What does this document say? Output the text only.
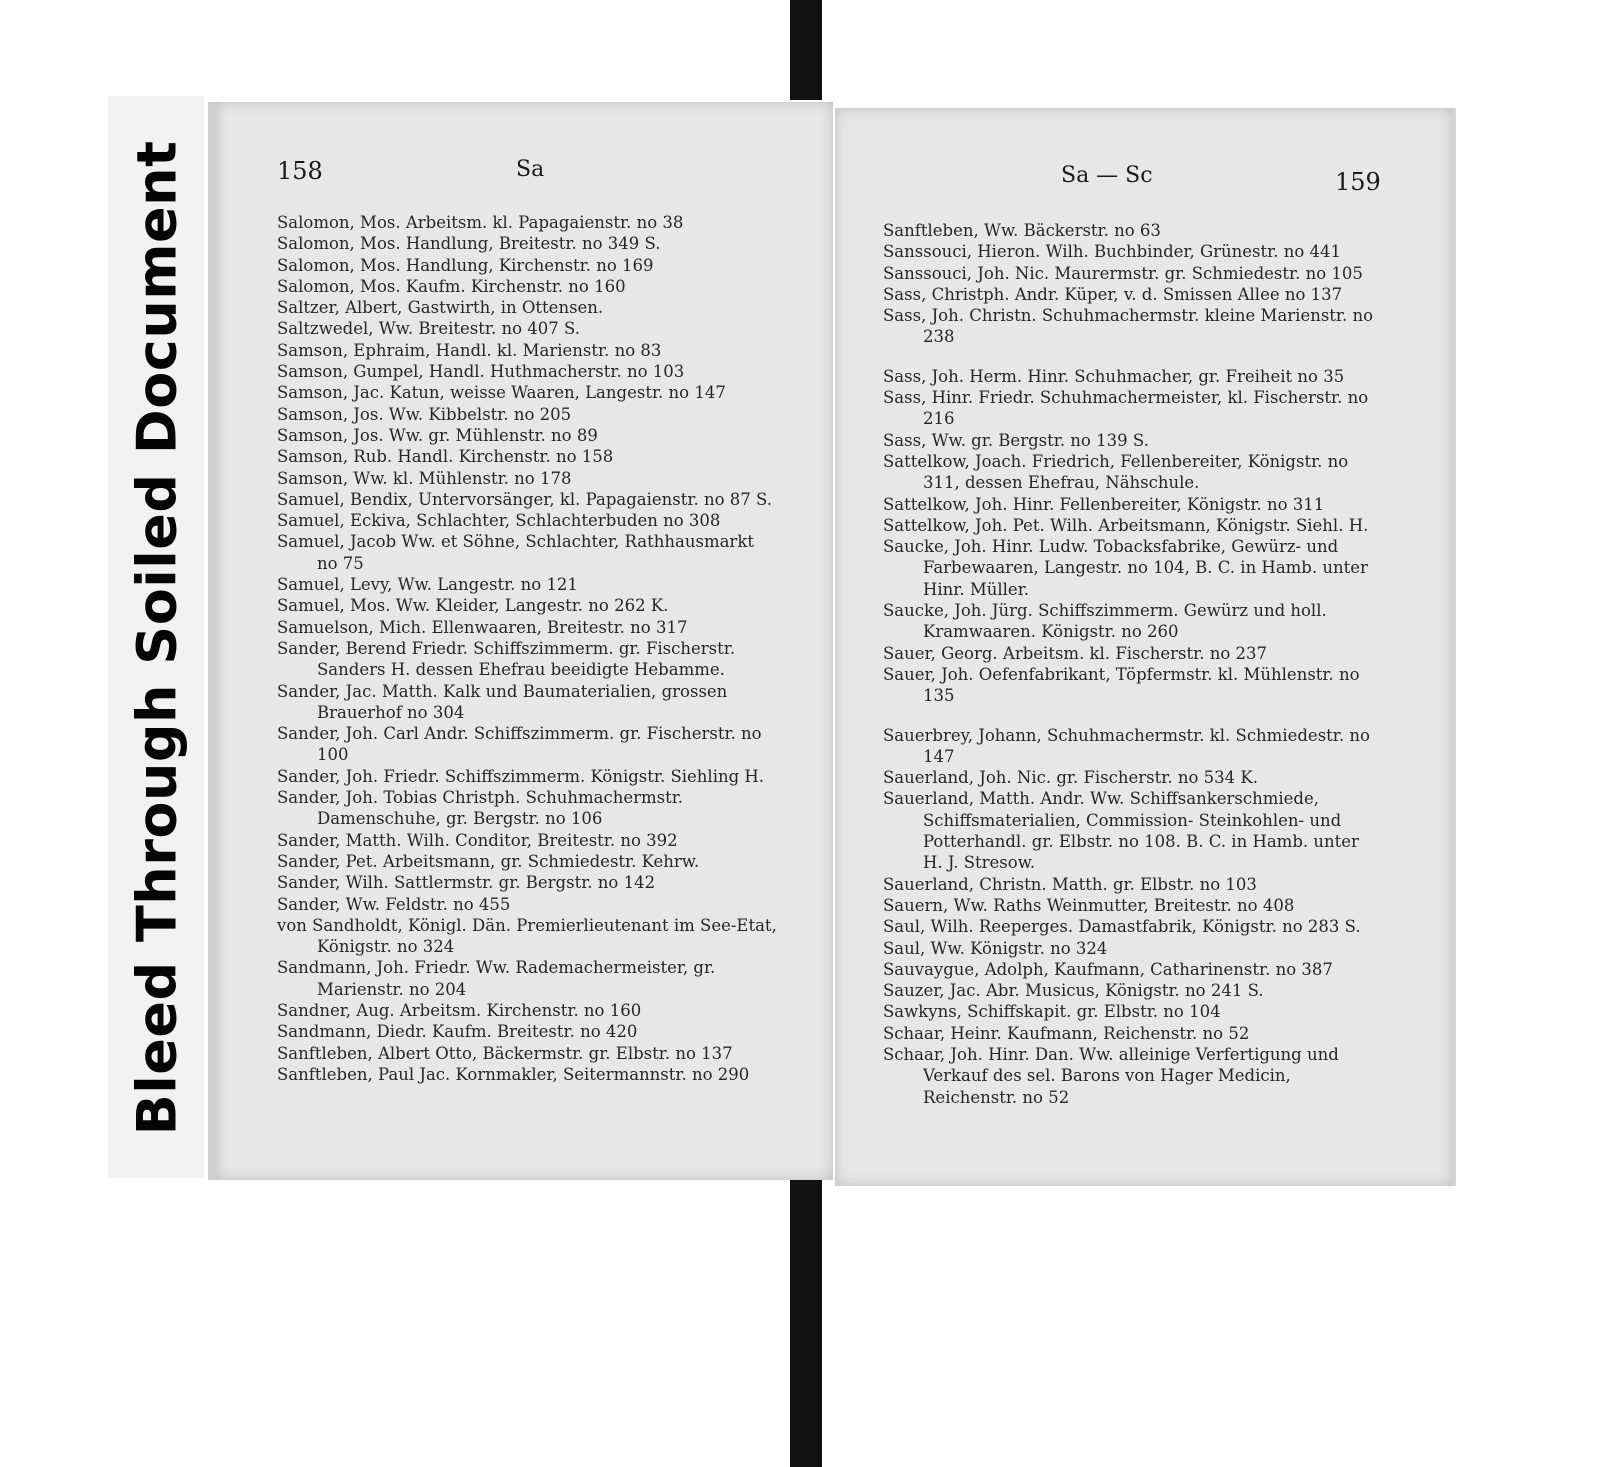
Bleed Through Soiled Document	158	Sa
Salomon, Mos. Arbeitsm. kl. Papagaienstr. no 38
Salomon, Mos. Handlung, Breitestr. no 349 S.
Salomon, Mos. Handlung, Kirchenstr. no 169
Salomon, Mos. Kaufm. Kirchenstr. no 160
Saltzer, Albert, Gastwirth, in Ottensen.
Saltzwedel, Ww. Breitestr. no 407 S.
Samson, Ephraim, Handl. kl. Marienstr. no 83
Samson, Gumpel, Handl. Huthmacherstr. no 103
Samson, Jac. Katun, weisse Waaren, Langestr. no 147
Samson, Jos. Ww. Kibbelstr. no 205
Samson, Jos. Ww. gr. Mühlenstr. no 89
Samson, Rub. Handl. Kirchenstr. no 158
Samson, Ww. kl. Mühlenstr. no 178
Samuel, Bendix, Untervorsänger, kl. Papagaienstr. no 87 S.
Samuel, Eckiva, Schlachter, Schlachterbuden no 308
Samuel, Jacob Ww. et Söhne, Schlachter, Rathhausmarkt no 75
Samuel, Levy, Ww. Langestr. no 121
Samuel, Mos. Ww. Kleider, Langestr. no 262 K.
Samuelson, Mich. Ellenwaaren, Breitestr. no 317
Sander, Berend Friedr. Schiffszimmerm. gr. Fischerstr. Sanders H. dessen Ehefrau beeidigte Hebamme.
Sander, Jac. Matth. Kalk und Baumaterialien, grossen Brauerhof no 304
Sander, Joh. Carl Andr. Schiffszimmerm. gr. Fischerstr. no 100
Sander, Joh. Friedr. Schiffszimmerm. Königstr. Siehling H.
Sander, Joh. Tobias Christph. Schuhmachermstr. Damenschuhe, gr. Bergstr. no 106
Sander, Matth. Wilh. Conditor, Breitestr. no 392
Sander, Pet. Arbeitsmann, gr. Schmiedestr. Kehrw.
Sander, Wilh. Sattlermstr. gr. Bergstr. no 142
Sander, Ww. Feldstr. no 455
von Sandholdt, Königl. Dän. Premierlieutenant im See-Etat, Königstr. no 324
Sandmann, Joh. Friedr. Ww. Rademachermeister, gr. Marienstr. no 204
Sandner, Aug. Arbeitsm. Kirchenstr. no 160
Sandmann, Diedr. Kaufm. Breitestr. no 420
Sanftleben, Albert Otto, Bäckermstr. gr. Elbstr. no 137
Sanftleben, Paul Jac. Kornmakler, Seitermannstr. no 290
Sa — Sc	159
Sanftleben, Ww. Bäckerstr. no 63
Sanssouci, Hieron. Wilh. Buchbinder, Grünestr. no 441
Sanssouci, Joh. Nic. Maurermstr. gr. Schmiedestr. no 105
Sass, Christph. Andr. Küper, v. d. Smissen Allee no 137
Sass, Joh. Christn. Schuhmachermstr. kleine Marienstr. no 238
Sass, Joh. Herm. Hinr. Schuhmacher, gr. Freiheit no 35
Sass, Hinr. Friedr. Schuhmachermeister, kl. Fischerstr. no 216
Sass, Ww. gr. Bergstr. no 139 S.
Sattelkow, Joach. Friedrich, Fellenbereiter, Königstr. no 311, dessen Ehefrau, Nähschule.
Sattelkow, Joh. Hinr. Fellenbereiter, Königstr. no 311
Sattelkow, Joh. Pet. Wilh. Arbeitsmann, Königstr. Siehl. H.
Saucke, Joh. Hinr. Ludw. Tobacksfabrike, Gewürz- und Farbewaaren, Langestr. no 104, B. C. in Hamb. unter Hinr. Müller.
Saucke, Joh. Jürg. Schiffszimmerm. Gewürz und holl. Kramwaaren. Königstr. no 260
Sauer, Georg. Arbeitsm. kl. Fischerstr. no 237
Sauer, Joh. Oefenfabrikant, Töpfermstr. kl. Mühlenstr. no 135
Sauerbrey, Johann, Schuhmachermstr. kl. Schmiedestr. no 147
Sauerland, Joh. Nic. gr. Fischerstr. no 534 K.
Sauerland, Matth. Andr. Ww. Schiffsankerschmiede, Schiffsmaterialien, Commission- Steinkohlen- und Potterhandl. gr. Elbstr. no 108. B. C. in Hamb. unter H. J. Stresow.
Sauerland, Christn. Matth. gr. Elbstr. no 103
Sauern, Ww. Raths Weinmutter, Breitestr. no 408
Saul, Wilh. Reeperges. Damastfabrik, Königstr. no 283 S.
Saul, Ww. Königstr. no 324
Sauvaygue, Adolph, Kaufmann, Catharinenstr. no 387
Sauzer, Jac. Abr. Musicus, Königstr. no 241 S.
Sawkyns, Schiffskapit. gr. Elbstr. no 104
Schaar, Heinr. Kaufmann, Reichenstr. no 52
Schaar, Joh. Hinr. Dan. Ww. alleinige Verfertigung und Verkauf des sel. Barons von Hager Medicin, Reichenstr. no 52
